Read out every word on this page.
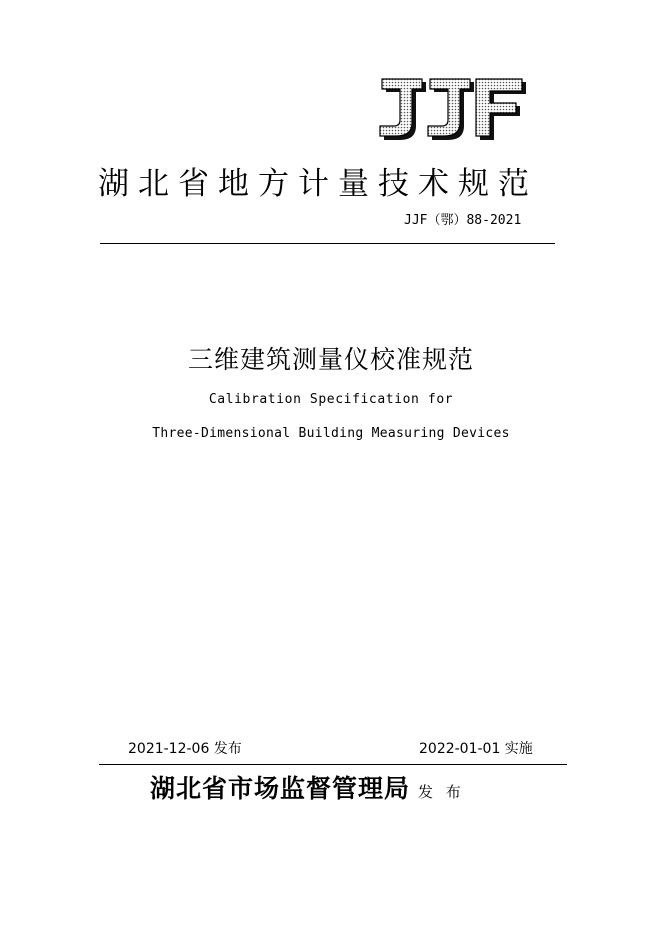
湖北省地方计量技术规范
JJF（鄂）88-2021
三维建筑测量仪校准规范
Calibration Specification for
Three-Dimensional Building Measuring Devices
2021-12-06 发布	2022-01-01 实施
湖北省市场监督管理局 发 布
